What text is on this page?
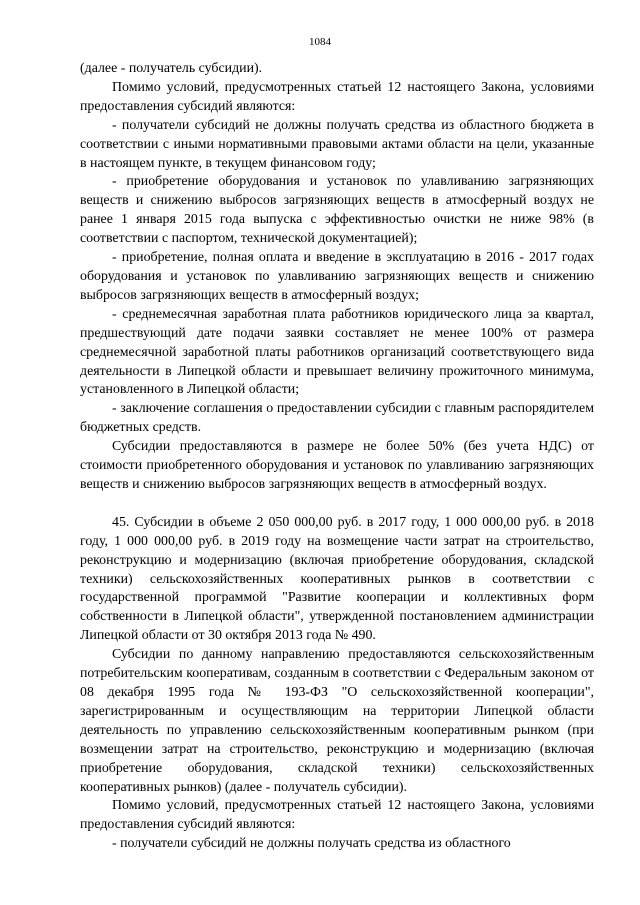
1084

(далее - получатель субсидии).

Помимо условий, предусмотренных статьей 12 настоящего Закона, условиями предоставления субсидий являются:

- получатели субсидий не должны получать средства из областного бюджета в соответствии с иными нормативными правовыми актами области на цели, указанные в настоящем пункте, в текущем финансовом году;

- приобретение оборудования и установок по улавливанию загрязняющих веществ и снижению выбросов загрязняющих веществ в атмосферный воздух не ранее 1 января 2015 года выпуска с эффективностью очистки не ниже 98% (в соответствии с паспортом, технической документацией);

- приобретение, полная оплата и введение в эксплуатацию в 2016 - 2017 годах оборудования и установок по улавливанию загрязняющих веществ и снижению выбросов загрязняющих веществ в атмосферный воздух;

- среднемесячная заработная плата работников юридического лица за квартал, предшествующий дате подачи заявки составляет не менее 100% от размера среднемесячной заработной платы работников организаций соответствующего вида деятельности в Липецкой области и превышает величину прожиточного минимума, установленного в Липецкой области;

- заключение соглашения о предоставлении субсидии с главным распорядителем бюджетных средств.

Субсидии предоставляются в размере не более 50% (без учета НДС) от стоимости приобретенного оборудования и установок по улавливанию загрязняющих веществ и снижению выбросов загрязняющих веществ в атмосферный воздух.

45. Субсидии в объеме 2 050 000,00 руб. в 2017 году, 1 000 000,00 руб. в 2018 году, 1 000 000,00 руб. в 2019 году на возмещение части затрат на строительство, реконструкцию и модернизацию (включая приобретение оборудования, складской техники) сельскохозяйственных кооперативных рынков в соответствии с государственной программой "Развитие кооперации и коллективных форм собственности в Липецкой области", утвержденной постановлением администрации Липецкой области от 30 октября 2013 года № 490.

Субсидии по данному направлению предоставляются сельскохозяйственным потребительским кооперативам, созданным в соответствии с Федеральным законом от 08 декабря 1995 года № 193-ФЗ "О сельскохозяйственной кооперации", зарегистрированным и осуществляющим на территории Липецкой области деятельность по управлению сельскохозяйственным кооперативным рынком (при возмещении затрат на строительство, реконструкцию и модернизацию (включая приобретение оборудования, складской техники) сельскохозяйственных кооперативных рынков) (далее - получатель субсидии).

Помимо условий, предусмотренных статьей 12 настоящего Закона, условиями предоставления субсидий являются:

- получатели субсидий не должны получать средства из областного
